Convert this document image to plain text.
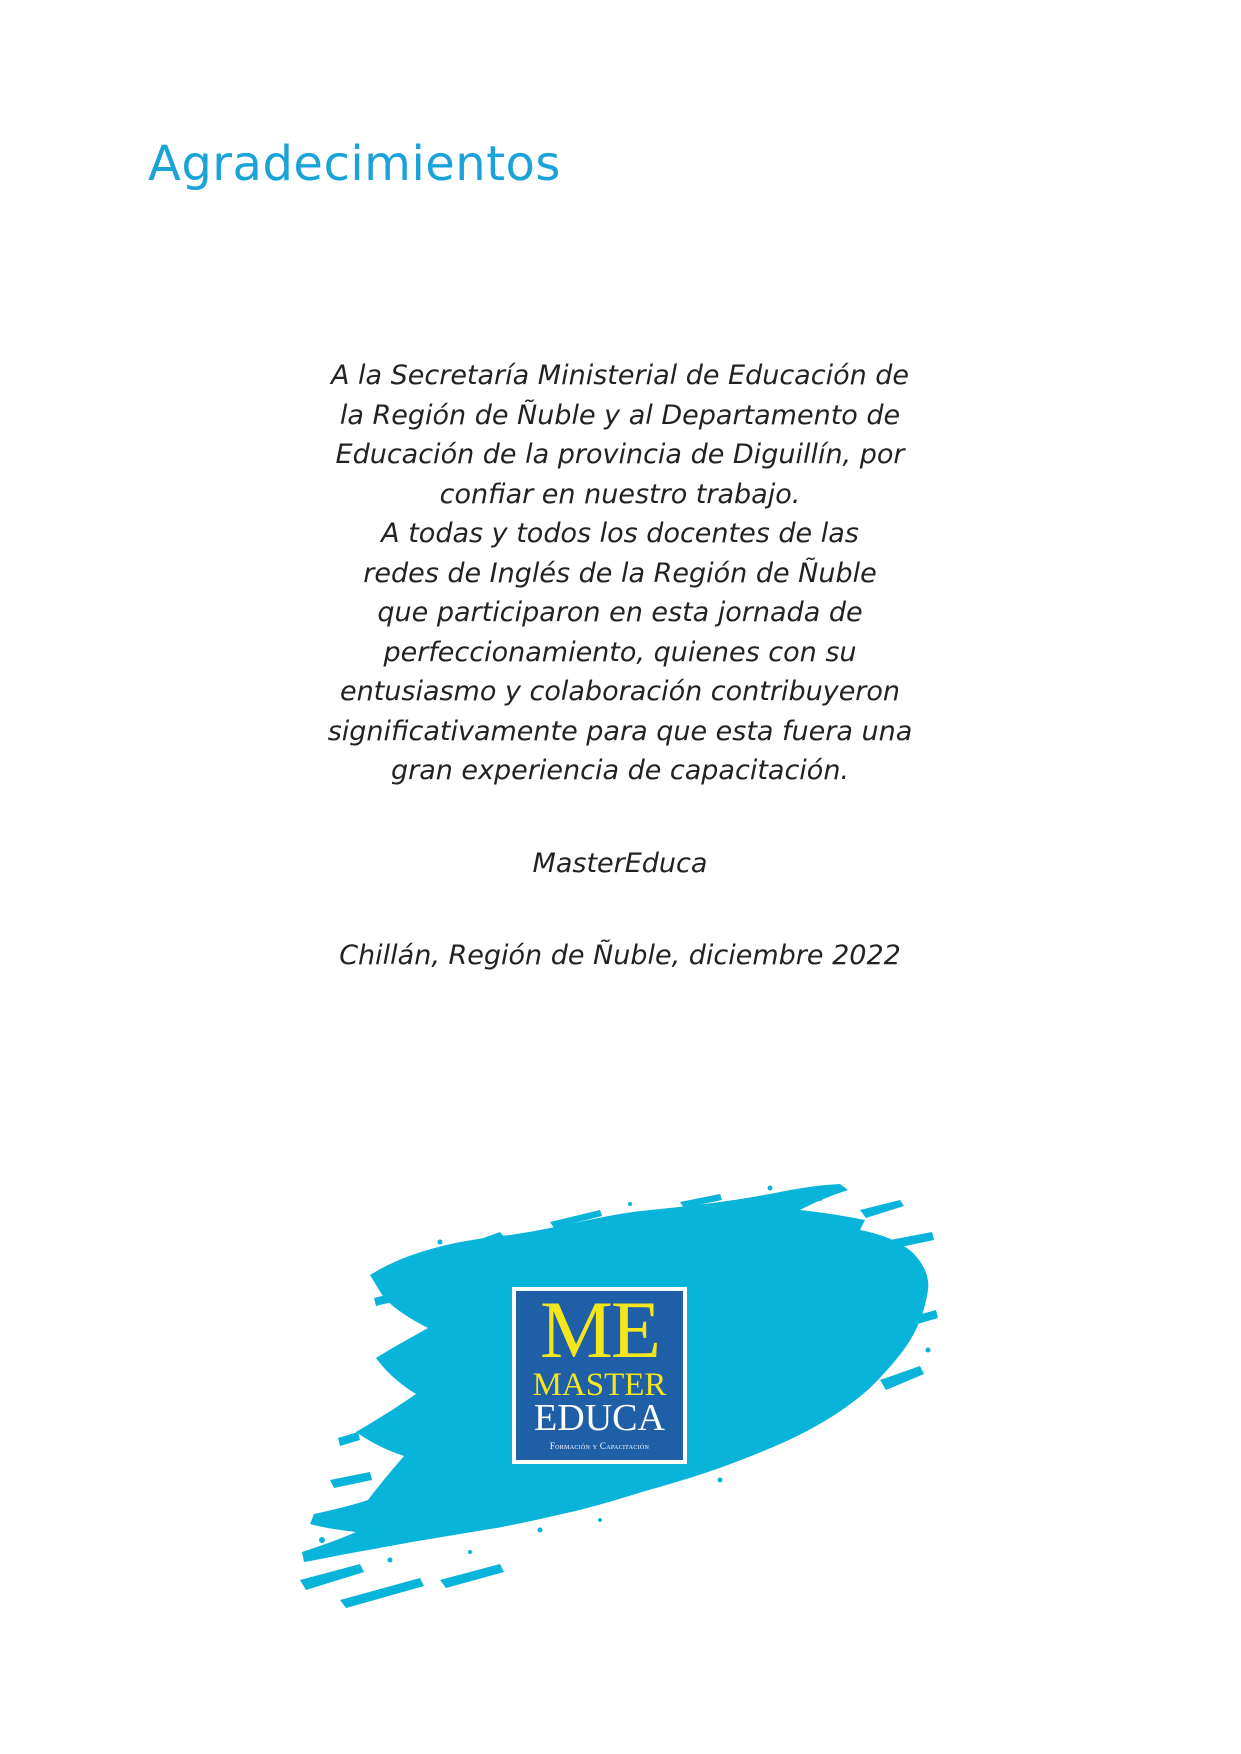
Agradecimientos

A la Secretaría Ministerial de Educación de
la Región de Ñuble y al Departamento de
Educación de la provincia de Diguillín, por
confiar en nuestro trabajo.

A todas y todos los docentes de las
redes de Inglés de la Región de Ñuble
que participaron en esta jornada de
perfeccionamiento, quienes con su
entusiasmo y colaboración contribuyeron
significativamente para que esta fuera una
gran experiencia de capacitación.

MasterEduca

Chillán, Región de Ñuble, diciembre 2022

ME
MASTER
EDUCA
Formación y Capacitación
